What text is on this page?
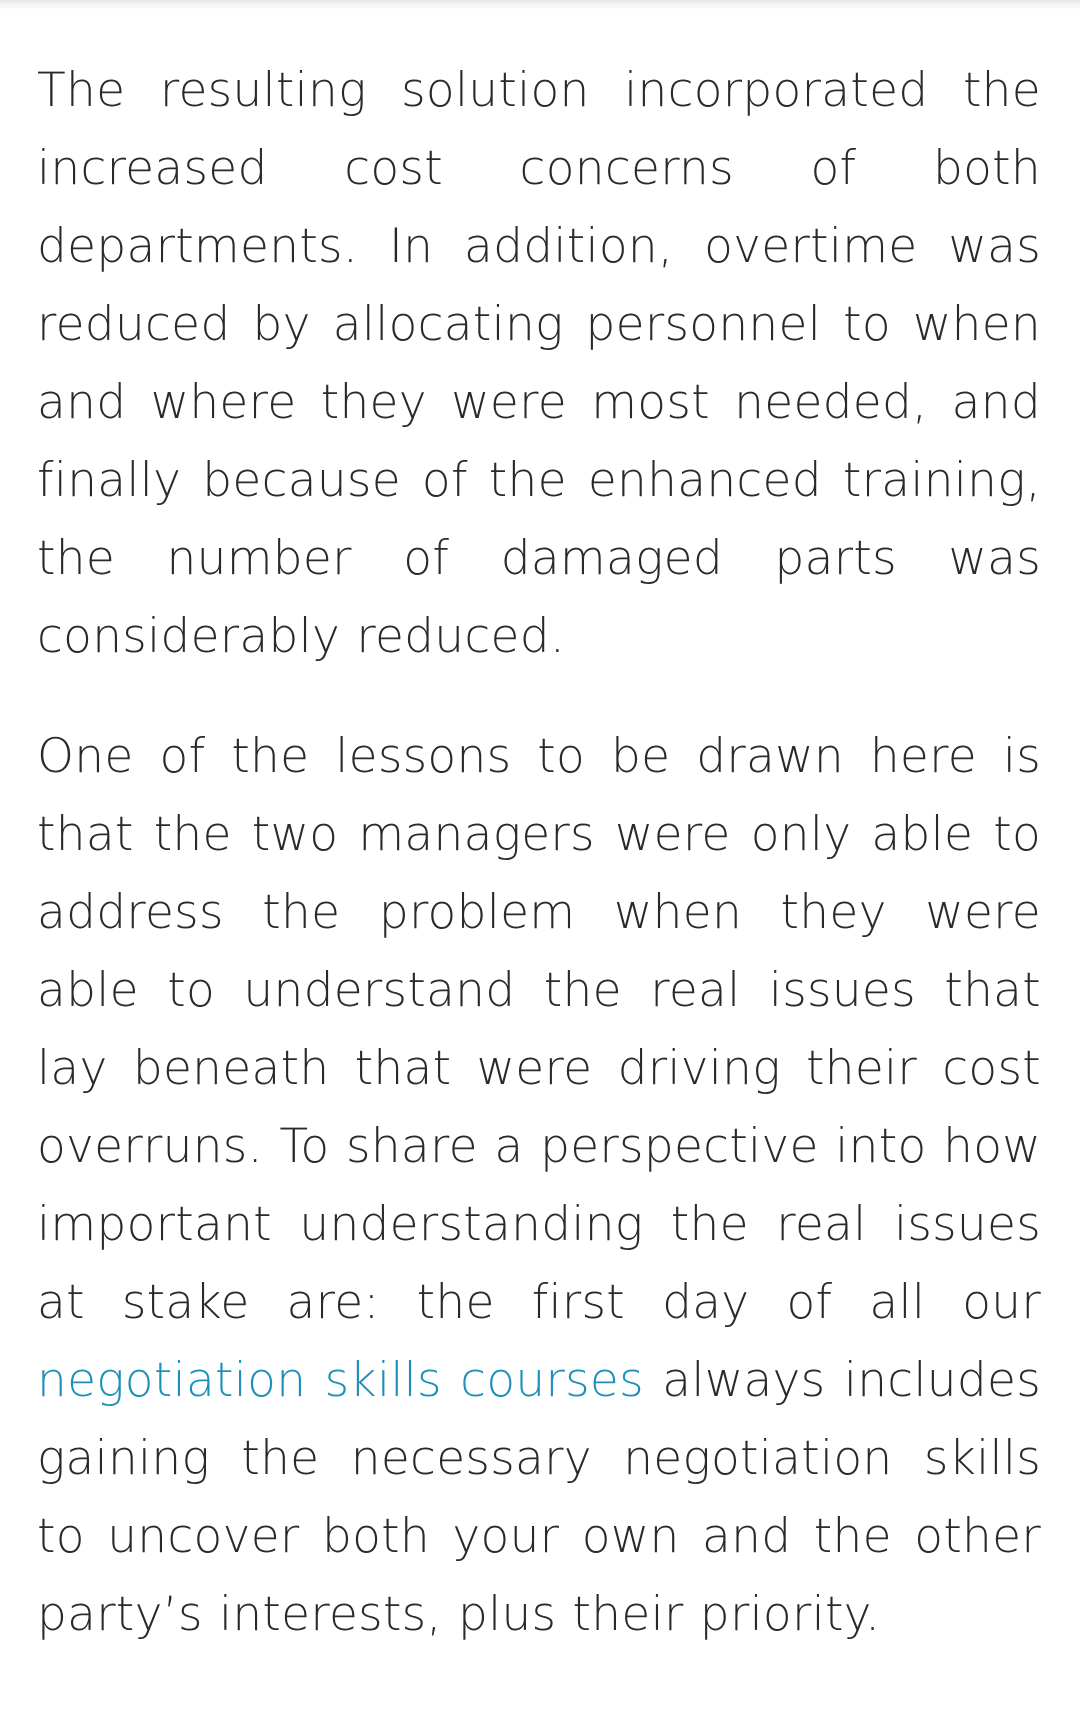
The resulting solution incorporated the increased cost concerns of both departments. In addition, overtime was reduced by allocating personnel to when and where they were most needed, and finally because of the enhanced training, the number of damaged parts was considerably reduced.

One of the lessons to be drawn here is that the two managers were only able to address the problem when they were able to understand the real issues that lay beneath that were driving their cost overruns. To share a perspective into how important understanding the real issues at stake are: the first day of all our negotiation skills courses always includes gaining the necessary negotiation skills to uncover both your own and the other party’s interests, plus their priority.
